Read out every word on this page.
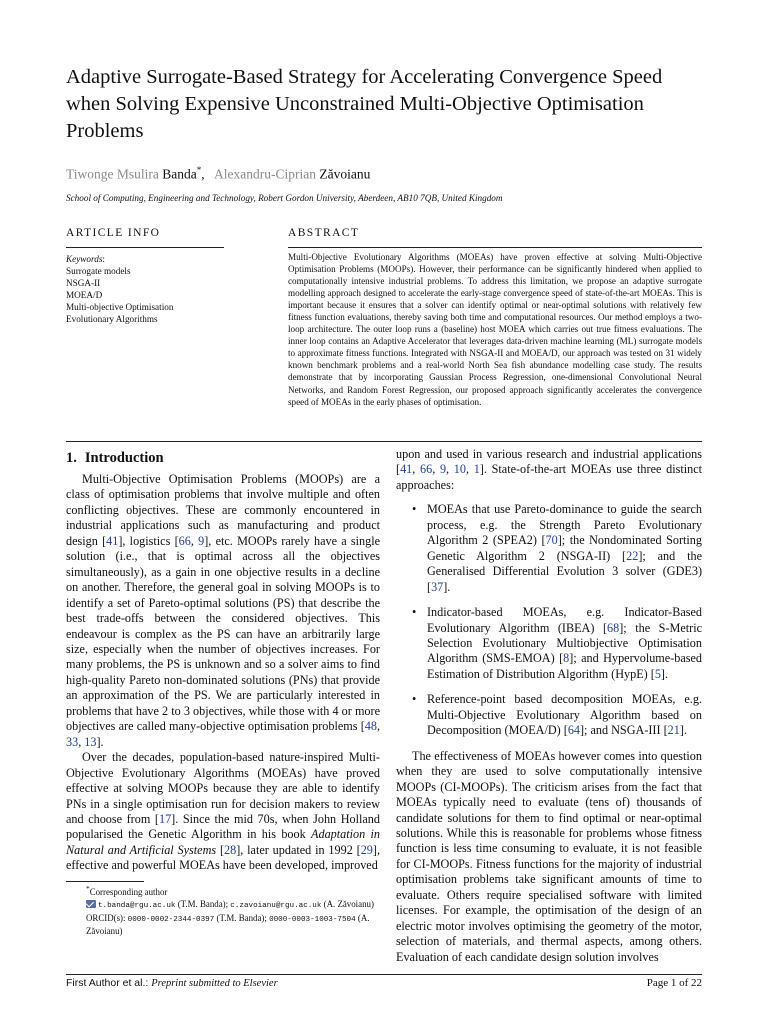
Adaptive Surrogate-Based Strategy for Accelerating Convergence Speed when Solving Expensive Unconstrained Multi-Objective Optimisation Problems
Tiwonge Msulira Banda*,   Alexandru-Ciprian Zăvoianu
School of Computing, Engineering and Technology, Robert Gordon University, Aberdeen, AB10 7QB, United Kingdom
ARTICLE INFO	ABSTRACT
Keywords:
Surrogate models
NSGA-II
MOEA/D
Multi-objective Optimisation
Evolutionary Algorithms

Multi-Objective Evolutionary Algorithms (MOEAs) have proven effective at solving Multi-Objective Optimisation Problems (MOOPs). However, their performance can be significantly hindered when applied to computationally intensive industrial problems. To address this limitation, we propose an adaptive surrogate modelling approach designed to accelerate the early-stage convergence speed of state-of-the-art MOEAs. This is important because it ensures that a solver can identify optimal or near-optimal solutions with relatively few fitness function evaluations, thereby saving both time and computational resources. Our method employs a two-loop architecture. The outer loop runs a (baseline) host MOEA which carries out true fitness evaluations. The inner loop contains an Adaptive Accelerator that leverages data-driven machine learning (ML) surrogate models to approximate fitness functions. Integrated with NSGA-II and MOEA/D, our approach was tested on 31 widely known benchmark problems and a real-world North Sea fish abundance modelling case study. The results demonstrate that by incorporating Gaussian Process Regression, one-dimensional Convolutional Neural Networks, and Random Forest Regression, our proposed approach significantly accelerates the convergence speed of MOEAs in the early phases of optimisation.

1. Introduction

Multi-Objective Optimisation Problems (MOOPs) are a class of optimisation problems that involve multiple and often conflicting objectives. These are commonly encountered in industrial applications such as manufacturing and product design [41], logistics [66, 9], etc. MOOPs rarely have a single solution (i.e., that is optimal across all the objectives simultaneously), as a gain in one objective results in a decline on another. Therefore, the general goal in solving MOOPs is to identify a set of Pareto-optimal solutions (PS) that describe the best trade-offs between the considered objectives. This endeavour is complex as the PS can have an arbitrarily large size, especially when the number of objectives increases. For many problems, the PS is unknown and so a solver aims to find high-quality Pareto non-dominated solutions (PNs) that provide an approximation of the PS. We are particularly interested in problems that have 2 to 3 objectives, while those with 4 or more objectives are called many-objective optimisation problems [48, 33, 13].

Over the decades, population-based nature-inspired Multi-Objective Evolutionary Algorithms (MOEAs) have proved effective at solving MOOPs because they are able to identify PNs in a single optimisation run for decision makers to review and choose from [17]. Since the mid 70s, when John Holland popularised the Genetic Algorithm in his book Adaptation in Natural and Artificial Systems [28], later updated in 1992 [29], effective and powerful MOEAs have been developed, improved

*Corresponding author
t.banda@rgu.ac.uk (T.M. Banda); c.zavoianu@rgu.ac.uk (A. Zăvoianu)
ORCID(s): 0000-0002-2344-0397 (T.M. Banda); 0000-0003-1003-7504 (A. Zăvoianu)

upon and used in various research and industrial applications [41, 66, 9, 10, 1]. State-of-the-art MOEAs use three distinct approaches:

• MOEAs that use Pareto-dominance to guide the search process, e.g. the Strength Pareto Evolutionary Algorithm 2 (SPEA2) [70]; the Nondominated Sorting Genetic Algorithm 2 (NSGA-II) [22]; and the Generalised Differential Evolution 3 solver (GDE3) [37].
• Indicator-based MOEAs, e.g. Indicator-Based Evolutionary Algorithm (IBEA) [68]; the S-Metric Selection Evolutionary Multiobjective Optimisation Algorithm (SMS-EMOA) [8]; and Hypervolume-based Estimation of Distribution Algorithm (HypE) [5].
• Reference-point based decomposition MOEAs, e.g. Multi-Objective Evolutionary Algorithm based on Decomposition (MOEA/D) [64]; and NSGA-III [21].

The effectiveness of MOEAs however comes into question when they are used to solve computationally intensive MOOPs (CI-MOOPs). The criticism arises from the fact that MOEAs typically need to evaluate (tens of) thousands of candidate solutions for them to find optimal or near-optimal solutions. While this is reasonable for problems whose fitness function is less time consuming to evaluate, it is not feasible for CI-MOOPs. Fitness functions for the majority of industrial optimisation problems take significant amounts of time to evaluate. Others require specialised software with limited licenses. For example, the optimisation of the design of an electric motor involves optimising the geometry of the motor, selection of materials, and thermal aspects, among others. Evaluation of each candidate design solution involves

First Author et al.: Preprint submitted to Elsevier	Page 1 of 22
